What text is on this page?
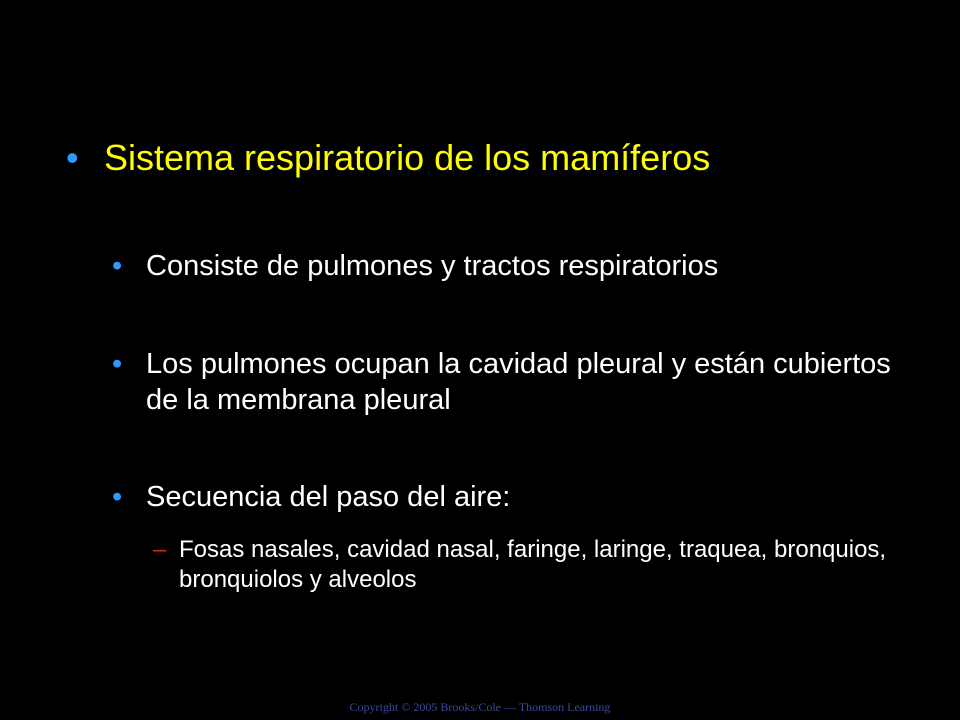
• Sistema respiratorio de los mamíferos
• Consiste de pulmones y tractos respiratorios
• Los pulmones ocupan la cavidad pleural y están cubiertos de la membrana pleural
• Secuencia del paso del aire:
– Fosas nasales, cavidad nasal, faringe, laringe, traquea, bronquios, bronquiolos y alveolos
Copyright © 2005 Brooks/Cole — Thomson Learning
